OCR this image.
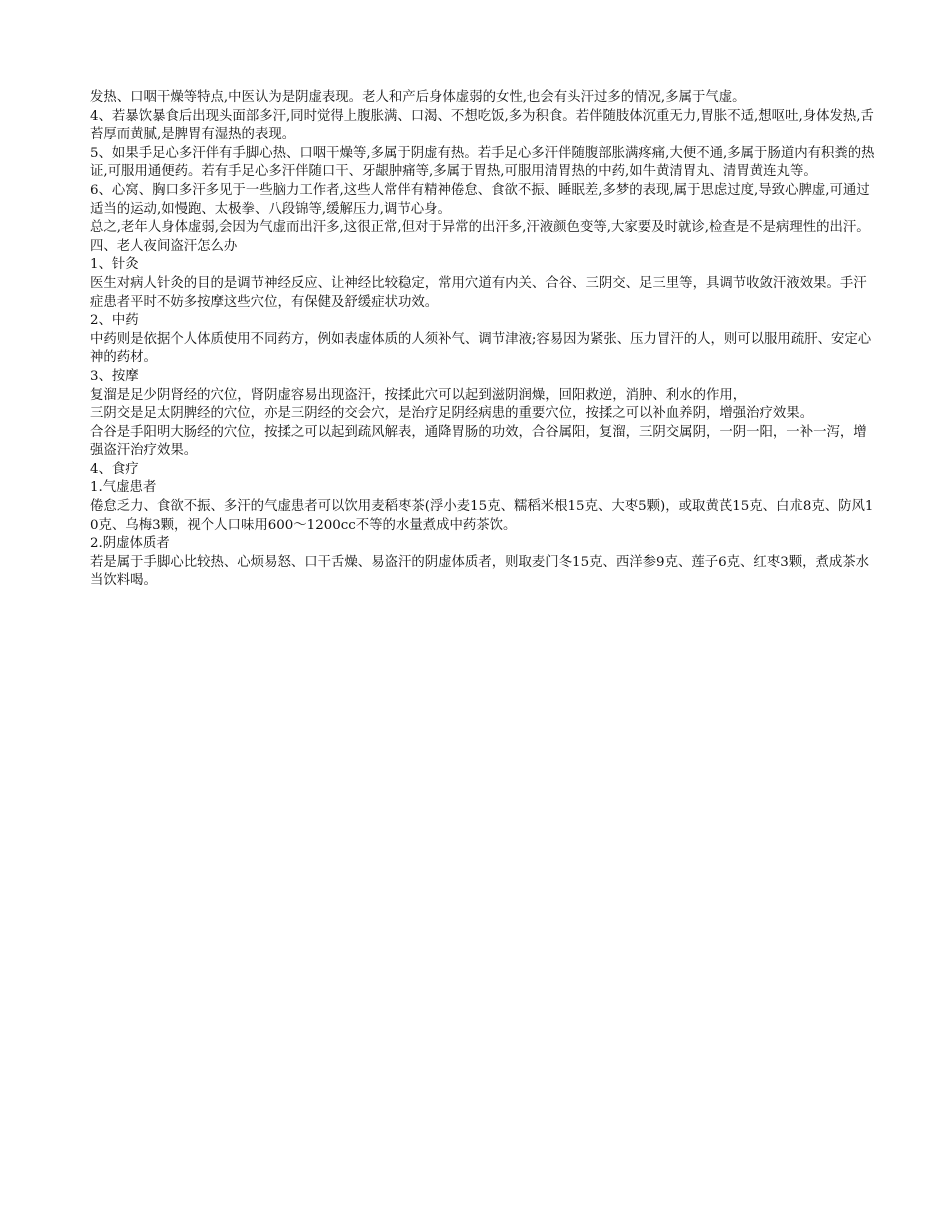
发热、口咽干燥等特点,中医认为是阴虚表现。老人和产后身体虚弱的女性,也会有头汗过多的情况,多属于气虚。

4、若暴饮暴食后出现头面部多汗,同时觉得上腹胀满、口渴、不想吃饭,多为积食。若伴随肢体沉重无力,胃胀不适,想呕吐,身体发热,舌苔厚而黄腻,是脾胃有湿热的表现。

5、如果手足心多汗伴有手脚心热、口咽干燥等,多属于阴虚有热。若手足心多汗伴随腹部胀满疼痛,大便不通,多属于肠道内有积粪的热证,可服用通便药。若有手足心多汗伴随口干、牙龈肿痛等,多属于胃热,可服用清胃热的中药,如牛黄清胃丸、清胃黄连丸等。

6、心窝、胸口多汗多见于一些脑力工作者,这些人常伴有精神倦怠、食欲不振、睡眠差,多梦的表现,属于思虑过度,导致心脾虚,可通过适当的运动,如慢跑、太极拳、八段锦等,缓解压力,调节心身。

总之,老年人身体虚弱,会因为气虚而出汗多,这很正常,但对于异常的出汗多,汗液颜色变等,大家要及时就诊,检查是不是病理性的出汗。

四、老人夜间盗汗怎么办

1、针灸

医生对病人针灸的目的是调节神经反应、让神经比较稳定，常用穴道有内关、合谷、三阴交、足三里等，具调节收敛汗液效果。手汗症患者平时不妨多按摩这些穴位，有保健及舒缓症状功效。

2、中药

中药则是依据个人体质使用不同药方，例如表虚体质的人须补气、调节津液;容易因为紧张、压力冒汗的人，则可以服用疏肝、安定心神的药材。

3、按摩

复溜是足少阴肾经的穴位，肾阴虚容易出现盗汗，按揉此穴可以起到滋阴润燥，回阳救逆，消肿、利水的作用，

三阴交是足太阴脾经的穴位，亦是三阴经的交会穴，是治疗足阴经病患的重要穴位，按揉之可以补血养阴，增强治疗效果。

合谷是手阳明大肠经的穴位，按揉之可以起到疏风解表，通降胃肠的功效，合谷属阳，复溜，三阴交属阴，一阴一阳，一补一泻，增强盗汗治疗效果。

4、食疗

1.气虚患者

倦怠乏力、食欲不振、多汗的气虚患者可以饮用麦稻枣茶(浮小麦15克、糯稻米根15克、大枣5颗)，或取黄芪15克、白朮8克、防风10克、乌梅3颗，视个人口味用600～1200cc不等的水量煮成中药茶饮。

2.阴虚体质者

若是属于手脚心比较热、心烦易怒、口干舌燥、易盗汗的阴虚体质者，则取麦门冬15克、西洋参9克、莲子6克、红枣3颗，煮成茶水当饮料喝。
